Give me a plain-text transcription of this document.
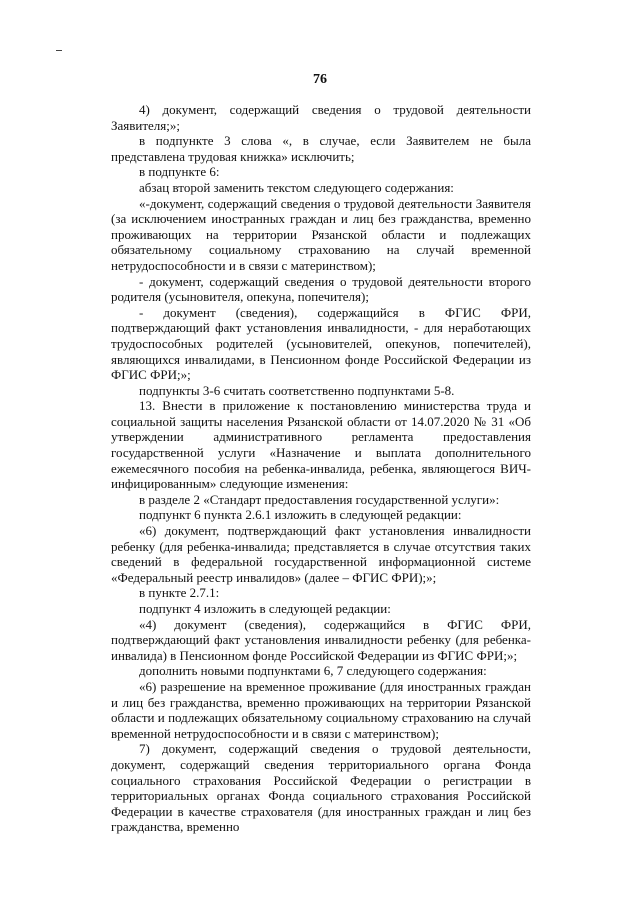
76

4) документ, содержащий сведения о трудовой деятельности Заявителя;»;

в подпункте 3 слова «, в случае, если Заявителем не была представлена трудовая книжка» исключить;

в подпункте 6:

абзац второй заменить текстом следующего содержания:

«-документ, содержащий сведения о трудовой деятельности Заявителя (за исключением иностранных граждан и лиц без гражданства, временно проживающих на территории Рязанской области и подлежащих обязательному социальному страхованию на случай временной нетрудоспособности и в связи с материнством);

- документ, содержащий сведения о трудовой деятельности второго родителя (усыновителя, опекуна, попечителя);

- документ (сведения), содержащийся в ФГИС ФРИ, подтверждающий факт установления инвалидности, - для неработающих трудоспособных родителей (усыновителей, опекунов, попечителей), являющихся инвалидами, в Пенсионном фонде Российской Федерации из ФГИС ФРИ;»;

подпункты 3-6 считать соответственно подпунктами 5-8.

13. Внести в приложение к постановлению министерства труда и социальной защиты населения Рязанской области от 14.07.2020 № 31 «Об утверждении административного регламента предоставления государственной услуги «Назначение и выплата дополнительного ежемесячного пособия на ребенка-инвалида, ребенка, являющегося ВИЧ-инфицированным» следующие изменения:

в разделе 2 «Стандарт предоставления государственной услуги»:

подпункт 6 пункта 2.6.1 изложить в следующей редакции:

«6) документ, подтверждающий факт установления инвалидности ребенку (для ребенка-инвалида; представляется в случае отсутствия таких сведений в федеральной государственной информационной системе «Федеральный реестр инвалидов» (далее – ФГИС ФРИ);»;

в пункте 2.7.1:

подпункт 4 изложить в следующей редакции:

«4) документ (сведения), содержащийся в ФГИС ФРИ, подтверждающий факт установления инвалидности ребенку (для ребенка-инвалида) в Пенсионном фонде Российской Федерации из ФГИС ФРИ;»;

дополнить новыми подпунктами 6, 7 следующего содержания:

«6) разрешение на временное проживание (для иностранных граждан и лиц без гражданства, временно проживающих на территории Рязанской области и подлежащих обязательному социальному страхованию на случай временной нетрудоспособности и в связи с материнством);

7) документ, содержащий сведения о трудовой деятельности, документ, содержащий сведения территориального органа Фонда социального страхования Российской Федерации о регистрации в территориальных органах Фонда социального страхования Российской Федерации в качестве страхователя (для иностранных граждан и лиц без гражданства, временно
